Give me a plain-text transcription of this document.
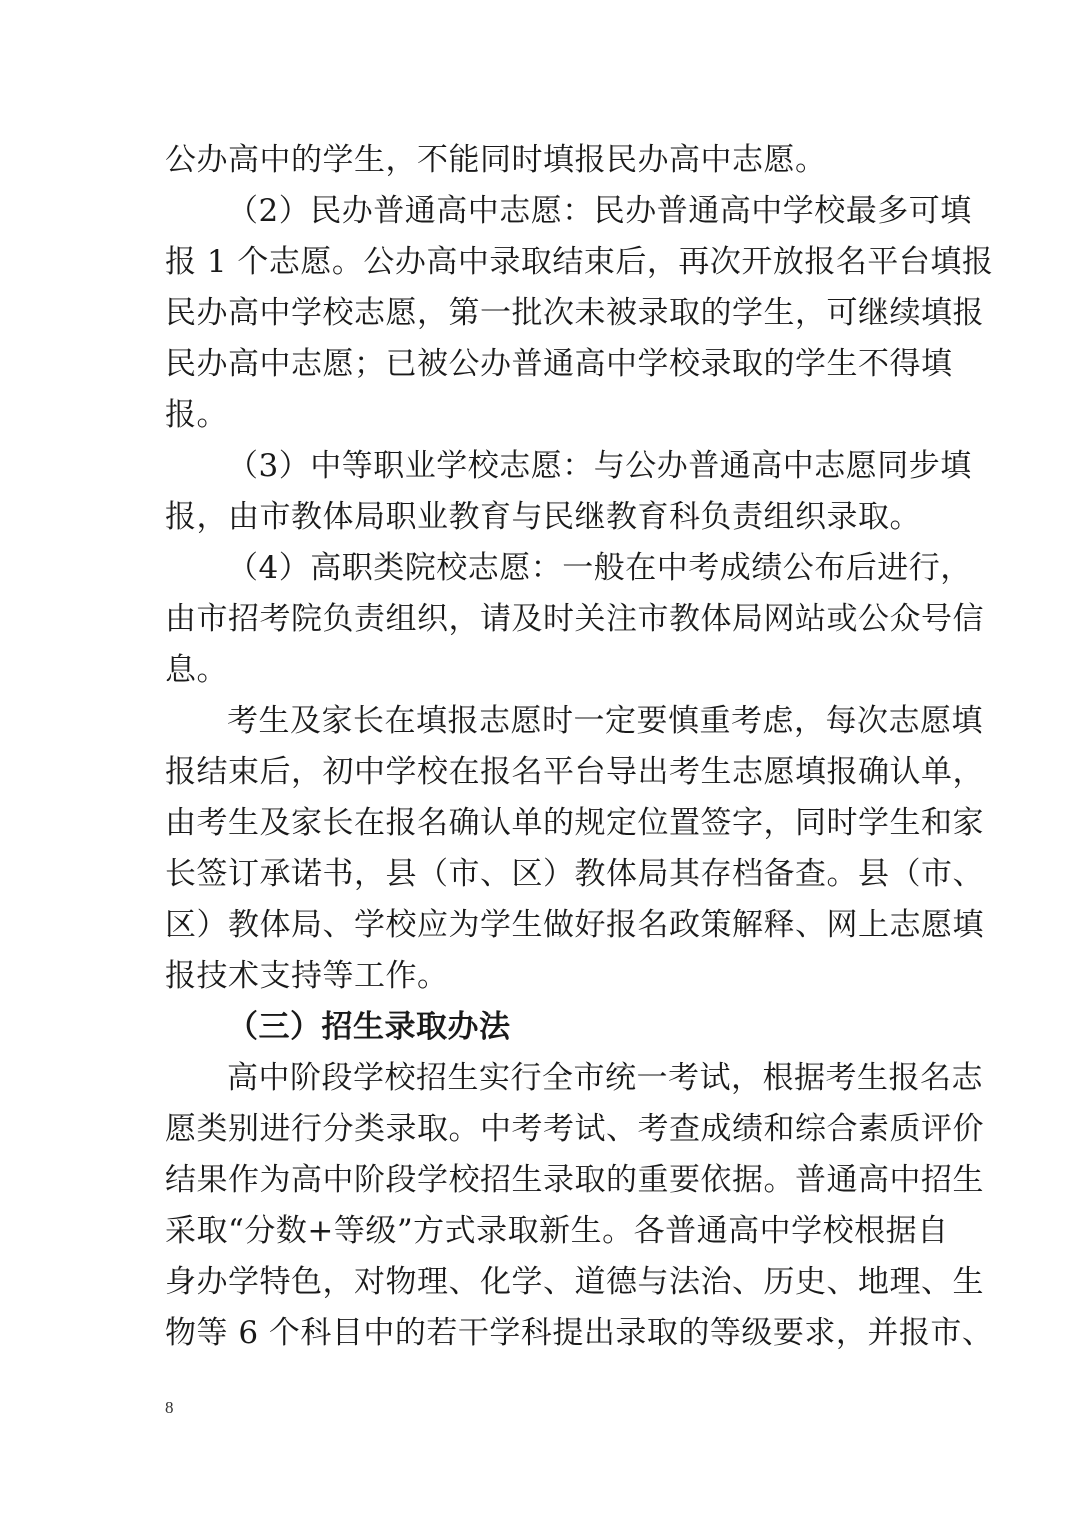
公办高中的学生，不能同时填报民办高中志愿。
（2）民办普通高中志愿：民办普通高中学校最多可填
报 1 个志愿。公办高中录取结束后，再次开放报名平台填报
民办高中学校志愿，第一批次未被录取的学生，可继续填报
民办高中志愿；已被公办普通高中学校录取的学生不得填
报。
（3）中等职业学校志愿：与公办普通高中志愿同步填
报，由市教体局职业教育与民继教育科负责组织录取。
（4）高职类院校志愿：一般在中考成绩公布后进行，
由市招考院负责组织，请及时关注市教体局网站或公众号信
息。
考生及家长在填报志愿时一定要慎重考虑，每次志愿填
报结束后，初中学校在报名平台导出考生志愿填报确认单，
由考生及家长在报名确认单的规定位置签字，同时学生和家
长签订承诺书，县（市、区）教体局其存档备查。县（市、
区）教体局、学校应为学生做好报名政策解释、网上志愿填
报技术支持等工作。
（三）招生录取办法
高中阶段学校招生实行全市统一考试，根据考生报名志
愿类别进行分类录取。中考考试、考查成绩和综合素质评价
结果作为高中阶段学校招生录取的重要依据。普通高中招生
采取“分数+等级”方式录取新生。各普通高中学校根据自
身办学特色，对物理、化学、道德与法治、历史、地理、生
物等 6 个科目中的若干学科提出录取的等级要求，并报市、
8
